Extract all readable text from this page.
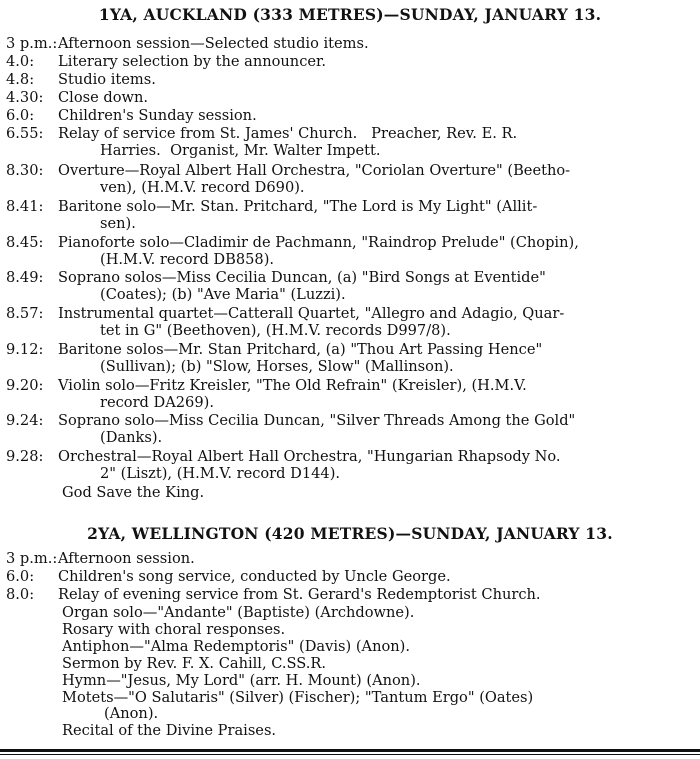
1YA, AUCKLAND (333 METRES)—SUNDAY, JANUARY 13.
3 p.m.: Afternoon session—Selected studio items.
4.0: Literary selection by the announcer.
4.8: Studio items.
4.30: Close down.
6.0: Children's Sunday session.
6.55: Relay of service from St. James' Church.   Preacher, Rev. E. R.
Harries.  Organist, Mr. Walter Impett.
8.30: Overture—Royal Albert Hall Orchestra, "Coriolan Overture" (Beetho-
ven), (H.M.V. record D690).
8.41: Baritone solo—Mr. Stan. Pritchard, "The Lord is My Light" (Allit-
sen).
8.45: Pianoforte solo—Cladimir de Pachmann, "Raindrop Prelude" (Chopin),
(H.M.V. record DB858).
8.49: Soprano solos—Miss Cecilia Duncan, (a) "Bird Songs at Eventide"
(Coates); (b) "Ave Maria" (Luzzi).
8.57: Instrumental quartet—Catterall Quartet, "Allegro and Adagio, Quar-
tet in G" (Beethoven), (H.M.V. records D997/8).
9.12: Baritone solos—Mr. Stan Pritchard, (a) "Thou Art Passing Hence"
(Sullivan); (b) "Slow, Horses, Slow" (Mallinson).
9.20: Violin solo—Fritz Kreisler, "The Old Refrain" (Kreisler), (H.M.V.
record DA269).
9.24: Soprano solo—Miss Cecilia Duncan, "Silver Threads Among the Gold"
(Danks).
9.28: Orchestral—Royal Albert Hall Orchestra, "Hungarian Rhapsody No.
2" (Liszt), (H.M.V. record D144).
God Save the King.
2YA, WELLINGTON (420 METRES)—SUNDAY, JANUARY 13.
3 p.m.: Afternoon session.
6.0: Children's song service, conducted by Uncle George.
8.0: Relay of evening service from St. Gerard's Redemptorist Church.
Organ solo—"Andante" (Baptiste) (Archdowne).
Rosary with choral responses.
Antiphon—"Alma Redemptoris" (Davis) (Anon).
Sermon by Rev. F. X. Cahill, C.SS.R.
Hymn—"Jesus, My Lord" (arr. H. Mount) (Anon).
Motets—"O Salutaris" (Silver) (Fischer); "Tantum Ergo" (Oates)
(Anon).
Recital of the Divine Praises.
